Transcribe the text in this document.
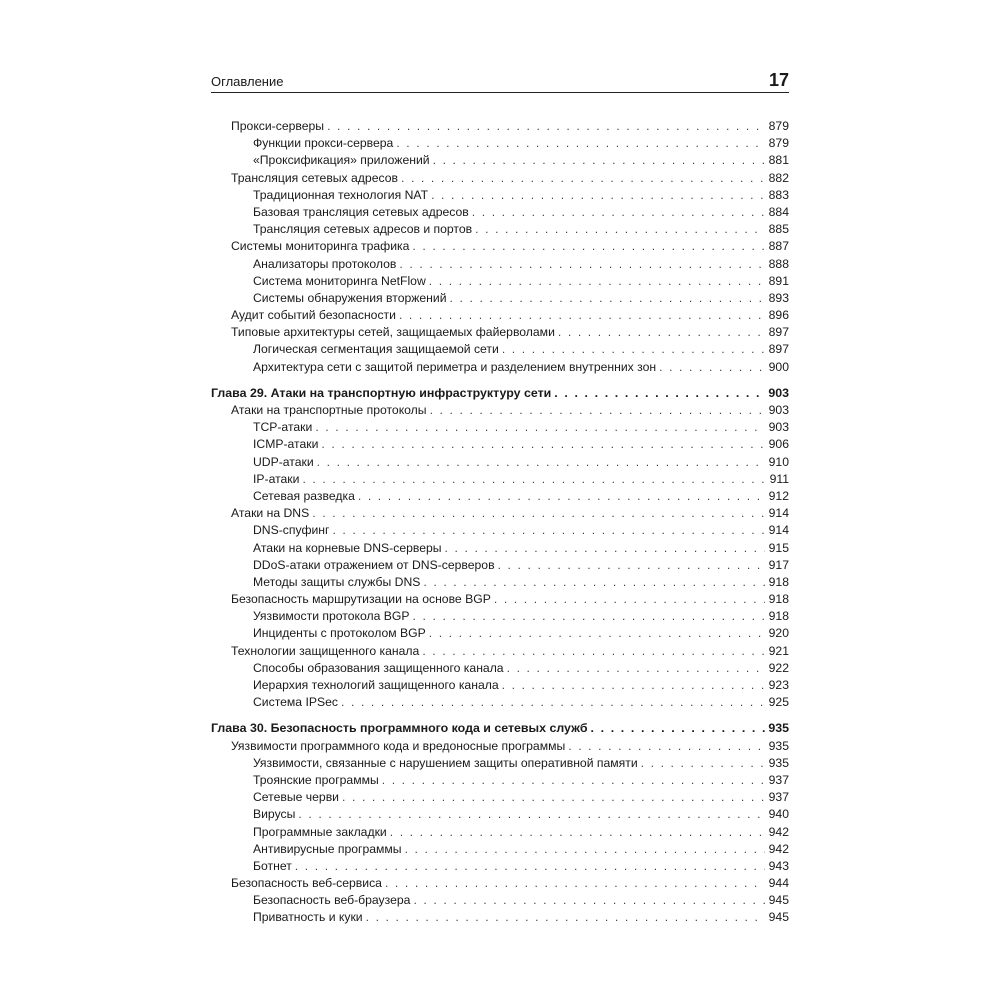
Оглавление	17
Прокси-серверы . . .	879
Функции прокси-сервера . . .	879
«Проксификация» приложений . . .	881
Трансляция сетевых адресов . . .	882
Традиционная технология NAT . . .	883
Базовая трансляция сетевых адресов . . .	884
Трансляция сетевых адресов и портов . . .	885
Системы мониторинга трафика . . .	887
Анализаторы протоколов . . .	888
Система мониторинга NetFlow . . .	891
Системы обнаружения вторжений . . .	893
Аудит событий безопасности . . .	896
Типовые архитектуры сетей, защищаемых файерволами . . .	897
Логическая сегментация защищаемой сети . . .	897
Архитектура сети с защитой периметра и разделением внутренних зон . . .	900
Глава 29. Атаки на транспортную инфраструктуру сети . . .	903
Атаки на транспортные протоколы . . .	903
TCP-атаки . . .	903
ICMP-атаки . . .	906
UDP-атаки . . .	910
IP-атаки . . .	911
Сетевая разведка . . .	912
Атаки на DNS . . .	914
DNS-спуфинг . . .	914
Атаки на корневые DNS-серверы . . .	915
DDoS-атаки отражением от DNS-серверов . . .	917
Методы защиты службы DNS . . .	918
Безопасность маршрутизации на основе BGP . . .	918
Уязвимости протокола BGP . . .	918
Инциденты с протоколом BGP . . .	920
Технологии защищенного канала . . .	921
Способы образования защищенного канала . . .	922
Иерархия технологий защищенного канала . . .	923
Система IPSec . . .	925
Глава 30. Безопасность программного кода и сетевых служб . . .	935
Уязвимости программного кода и вредоносные программы . . .	935
Уязвимости, связанные с нарушением защиты оперативной памяти . . .	935
Троянские программы . . .	937
Сетевые черви . . .	937
Вирусы . . .	940
Программные закладки . . .	942
Антивирусные программы . . .	942
Ботнет . . .	943
Безопасность веб-сервиса . . .	944
Безопасность веб-браузера . . .	945
Приватность и куки . . .	945
